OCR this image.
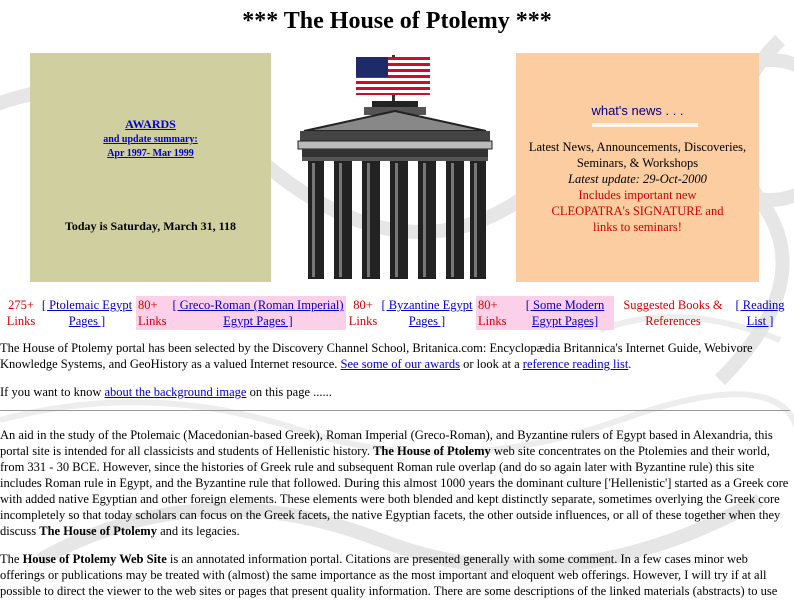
*** The House of Ptolemy ***
AWARDS
and update summary:
Apr 1997- Mar 1999
Today is Saturday, March 31, 118
what's news . . .
Latest News, Announcements, Discoveries,
Seminars, & Workshops
Latest update: 29-Oct-2000
Includes important new
CLEOPATRA's SIGNATURE and
links to seminars!
275+
Links
[ Ptolemaic Egypt Pages ]
80+
Links
[ Greco-Roman (Roman Imperial) Egypt Pages ]
80+
Links
[ Byzantine Egypt Pages ]
80+
Links
[ Some Modern Egypt Pages]
Suggested Books & References
[ Reading List ]

The House of Ptolemy portal has been selected by the Discovery Channel School, Britanica.com: Encyclopædia Britannica's Internet Guide, Webivore Knowledge Systems, and GeoHistory as a valued Internet resource. See some of our awards or look at a reference reading list.

If you want to know about the background image on this page ......

An aid in the study of the Ptolemaic (Macedonian-based Greek), Roman Imperial (Greco-Roman), and Byzantine rulers of Egypt based in Alexandria, this portal site is intended for all classicists and students of Hellenistic history. The House of Ptolemy web site concentrates on the Ptolemies and their world, from 331 - 30 BCE. However, since the histories of Greek rule and subsequent Roman rule overlap (and do so again later with Byzantine rule) this site includes Roman rule in Egypt, and the Byzantine rule that followed. During this almost 1000 years the dominant culture ['Hellenistic'] started as a Greek core with added native Egyptian and other foreign elements. These elements were both blended and kept distinctly separate, sometimes overlying the Greek core incompletely so that today scholars can focus on the Greek facets, the native Egyptian facets, the other outside influences, or all of these together when they discuss The House of Ptolemy and its legacies.

The House of Ptolemy Web Site is an annotated information portal. Citations are presented generally with some comment. In a few cases minor web offerings or publications may be treated with (almost) the same importance as the most important and eloquent web offerings. However, I will try if at all possible to direct the viewer to the web sites or pages that present quality information. There are some descriptions of the linked materials (abstracts) to use
